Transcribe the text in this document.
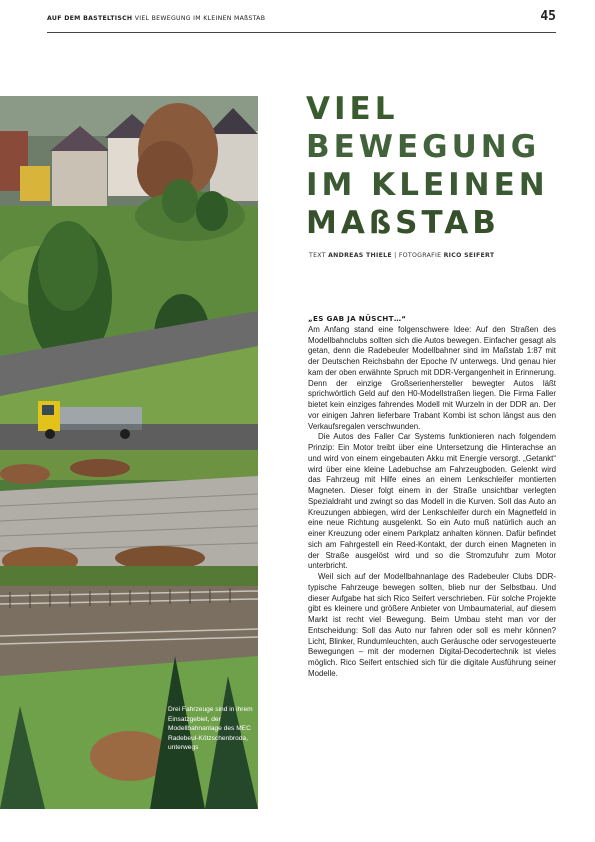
AUF DEM BASTELTISCH VIEL BEWEGUNG IM KLEINEN MAßSTAB	45
Drei Fahrzeuge sind in ihrem Einsatzgebiet, der Modellbahnanlage des MEC Radebeul-Kötzschenbroda, unterwegs
VIEL
BEWEGUNG
IM KLEINEN
MAßSTAB
TEXT ANDREAS THIELE | FOTOGRAFIE RICO SEIFERT
„ES GAB JA NÜSCHT…“

Am Anfang stand eine folgenschwere Idee: Auf den Straßen des Modellbahnclubs sollten sich die Autos bewegen. Einfacher gesagt als getan, denn die Radebeuler Modellbahner sind im Maßstab 1:87 mit der Deutschen Reichsbahn der Epoche IV unterwegs. Und genau hier kam der oben erwähnte Spruch mit DDR-Vergangenheit in Erinnerung. Denn der einzige Großserienhersteller bewegter Autos läßt sprichwörtlich Geld auf den H0-Modellstraßen liegen. Die Firma Faller bietet kein einziges fahrendes Modell mit Wurzeln in der DDR an. Der vor einigen Jahren lieferbare Trabant Kombi ist schon längst aus den Verkaufsregalen verschwunden.

Die Autos des Faller Car Systems funktionieren nach folgendem Prinzip: Ein Motor treibt über eine Untersetzung die Hinterachse an und wird von einem eingebauten Akku mit Energie versorgt. „Getankt“ wird über eine kleine Ladebuchse am Fahrzeugboden. Gelenkt wird das Fahrzeug mit Hilfe eines an einem Lenkschleifer montierten Magneten. Dieser folgt einem in der Straße unsichtbar verlegten Spezialdraht und zwingt so das Modell in die Kurven. Soll das Auto an Kreuzungen abbiegen, wird der Lenkschleifer durch ein Magnetfeld in eine neue Richtung ausgelenkt. So ein Auto muß natürlich auch an einer Kreuzung oder einem Parkplatz anhalten können. Dafür befindet sich am Fahrgestell ein Reed-Kontakt, der durch einen Magneten in der Straße ausgelöst wird und so die Stromzufuhr zum Motor unterbricht.

Weil sich auf der Modellbahnanlage des Radebeuler Clubs DDR-typische Fahrzeuge bewegen sollten, blieb nur der Selbstbau. Und dieser Aufgabe hat sich Rico Seifert verschrieben. Für solche Projekte gibt es kleinere und größere Anbieter von Umbaumaterial, auf diesem Markt ist recht viel Bewegung. Beim Umbau steht man vor der Entscheidung: Soll das Auto nur fahren oder soll es mehr können? Licht, Blinker, Rundumleuchten, auch Geräusche oder servogesteuerte Bewegungen – mit der modernen Digital-Decodertechnik ist vieles möglich. Rico Seifert entschied sich für die digitale Ausführung seiner Modelle.
